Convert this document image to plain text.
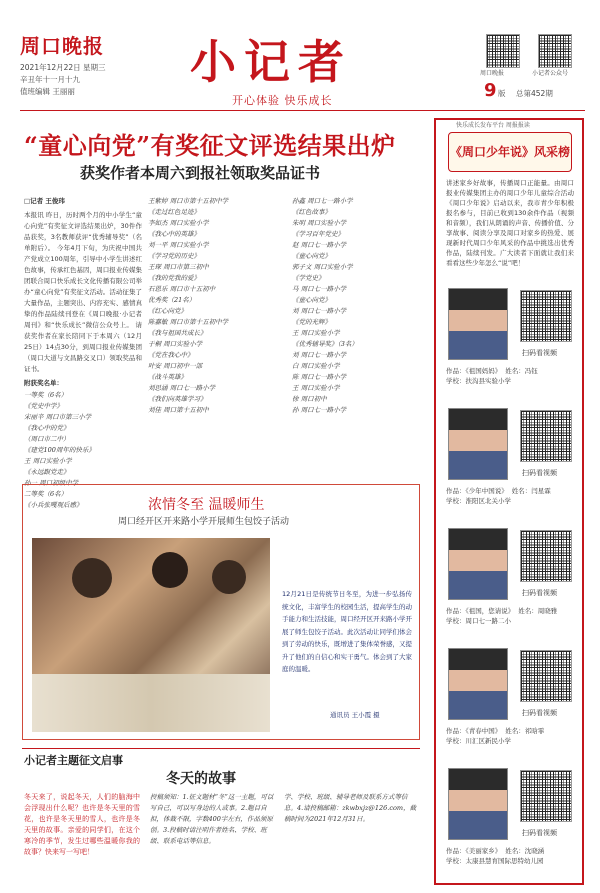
周口晚报
2021年12月22日 星期三
辛丑年十一月十九
值班编辑 王丽丽
小记者
开心体验 快乐成长
周口晚报	小记者公众号
9 版 总第452期
“童心向党”有奖征文评选结果出炉
获奖作者本周六到报社领取奖品证书
□记者 王俊玮
本报讯 昨日，历时两个月的中小学生“童心向党”有奖征文评选结果出炉，30件作品获奖，3名教师获评“优秀辅导奖”（名单附后）。 今年4月下旬，为庆祝中国共产党成立100周年，引导中小学生讲述红色故事，传承红色基因，周口报业传媒集团联合周口快乐成长文化传播有限公司举办“童心向党”有奖征文活动。活动征集了大量作品，主题突出、内容充实、感情真挚的作品陆续刊登在《周口晚报·小记者周刊》和“快乐成长”微信公众号上。 请获奖作者在家长陪同下于本周六（12月25日）14点30分，到周口报业传媒集团（周口大道与文昌路交叉口）领取奖品和证书。
附获奖名单：
一等奖（6名）
《党史中学》
宋丽辛 周口市第三小学
《我心中的党》
（周口市二中）
《建党100周年的快乐》
王 周口实验小学
《永远跟党走》
孙一 周口初级中学
二等奖（6名）
《小兵张嘎观后感》
王紫婷 周口市第十五初中学
《走过红色足迹》
李如杰 周口实验小学
《我心中的英雄》
刘一平 周口实验小学
《学习党的历史》
王琛 周口市第三初中
《我的党我的爱》
石恩乐 周口市十五初中
优秀奖（21名）
《红心向党》
陈嘉敏 周口市第十五初中学
《我与祖国共成长》
于桐 周口实验小学
《党在我心中》
叶安 周口初中一部
《战斗英雄》
刘思涵 周口七一路小学
《我们向英雄学习》
刘佳 周口第十五初中
孙鑫 周口七一路小学
《红色故事》
朱明 周口实验小学
《学习百年党史》
赵 周口七一路小学
《童心向党》
郭子文 周口实验小学
《学党史》
马 周口七一路小学
《童心向党》
刘 周口七一路小学
《党的光辉》
王 周口实验小学
《优秀辅导奖》（3名）
刘 周口七一路小学
白 周口实验小学
陈 周口七一路小学
王 周口实验小学
徐 周口初中
孙 周口七一路小学
浓情冬至 温暖师生
周口经开区开来路小学开展师生包饺子活动
12月21日是传统节日冬至，为进一步弘扬传统文化，丰富学生的校园生活，提高学生的动手能力和生活技能，周口经开区开来路小学开展了师生包饺子活动。此次活动让同学们体会到了劳动的快乐，既增进了集体荣誉感，又提升了他们的自信心和实干勇气。体会到了大家庭的温暖。
通讯员 王小霞 摄
小记者主题征文启事
冬天的故事
冬天来了，说起冬天，人们的脑海中会浮现出什么呢？也许是冬天里的雪花，也许是冬天里的雪人，也许是冬天里的故事。亲爱的同学们，在这个寒冷的季节，发生过哪些温暖你我的故事？快来写一写吧！
投稿须知：1.征文题材“冬”这一主题，可以写自己，可以写身边的人或事。2.题目自拟，体裁不限，字数400字左右，作品须原创。3.投稿时请注明作者姓名、学校、班级、联系电话等信息。
学、学校、班级、辅导老师及联系方式等信息。4.请投稿邮箱：zkwbxjz@126.com，截稿时间为2021年12月31日。
快乐成长发布平台 周报报读
《周口少年说》风采榜
讲述家乡好故事，传播周口正能量。由周口报业传媒集团主办的周口少年儿童综合活动《周口少年说》启动以来，我市青少年积极报名参与，目前已收到130余件作品（视频和音频），我们从朗诵的声音、传播价值、分享故事、阅读分享及周口对家乡的热爱、展现新时代周口少年风采的作品中挑选出优秀作品，陆续刊发。广大读者下面就让我们来看看这些少年怎么“说”吧！
扫码看视频
作品：《祖国妈妈》 姓名：冯钰
学校：扶沟县实验小学
扫码看视频
作品：《少年中国说》 姓名：闫星霖
学校：淮阳区北关小学
扫码看视频
作品：《祖国，您请说》 姓名：周晓雅
学校：周口七一路二小
扫码看视频
作品：《青春中国》 姓名：祁晗霏
学校：川汇区新民小学
扫码看视频
作品：《美丽家乡》 姓名：沈晓涵
学校：太康县慧育国际思特幼儿园
